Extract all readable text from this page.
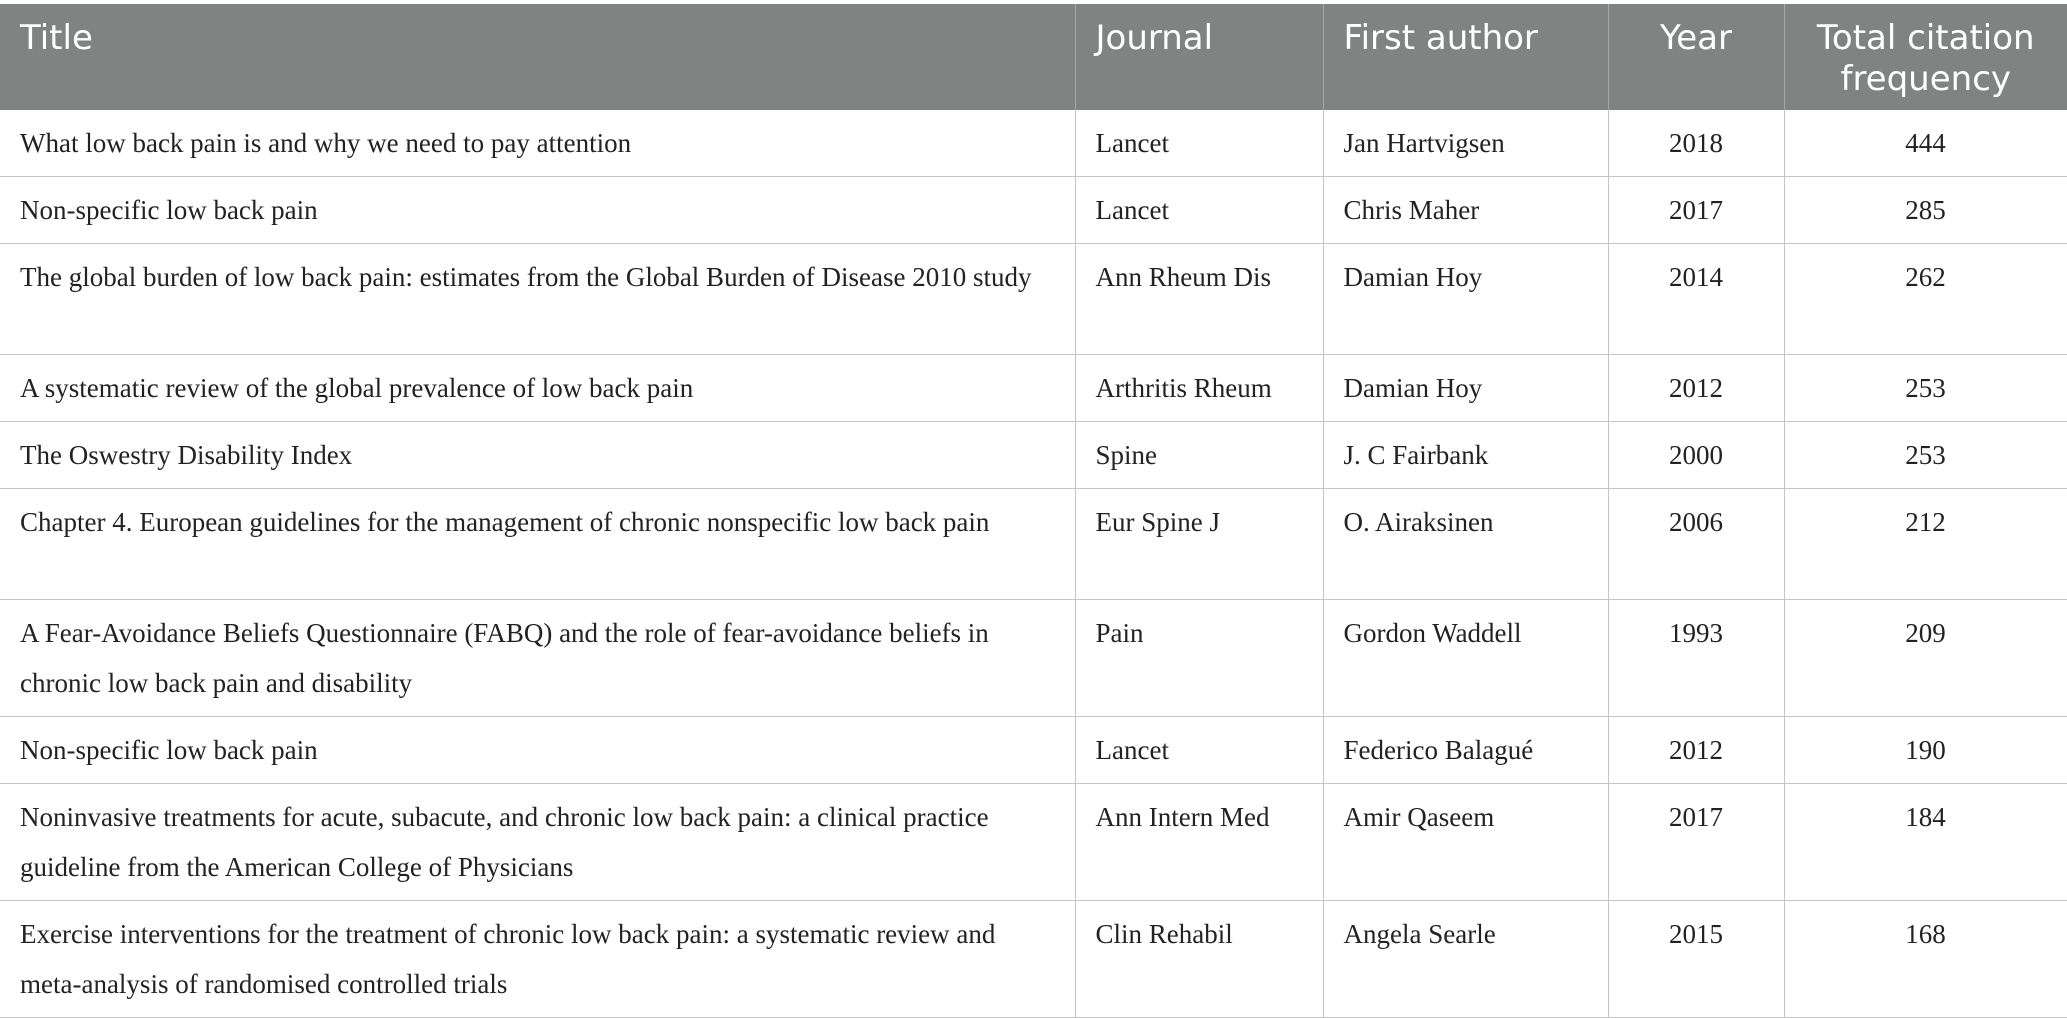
Title	Journal	First author	Year	Total citation frequency
What low back pain is and why we need to pay attention	Lancet	Jan Hartvigsen	2018	444
Non-specific low back pain	Lancet	Chris Maher	2017	285
The global burden of low back pain: estimates from the Global Burden of Disease 2010 study	Ann Rheum Dis	Damian Hoy	2014	262
A systematic review of the global prevalence of low back pain	Arthritis Rheum	Damian Hoy	2012	253
The Oswestry Disability Index	Spine	J. C Fairbank	2000	253
Chapter 4. European guidelines for the management of chronic nonspecific low back pain	Eur Spine J	O. Airaksinen	2006	212
A Fear-Avoidance Beliefs Questionnaire (FABQ) and the role of fear-avoidance beliefs in chronic low back pain and disability	Pain	Gordon Waddell	1993	209
Non-specific low back pain	Lancet	Federico Balagué	2012	190
Noninvasive treatments for acute, subacute, and chronic low back pain: a clinical practice guideline from the American College of Physicians	Ann Intern Med	Amir Qaseem	2017	184
Exercise interventions for the treatment of chronic low back pain: a systematic review and meta-analysis of randomised controlled trials	Clin Rehabil	Angela Searle	2015	168
